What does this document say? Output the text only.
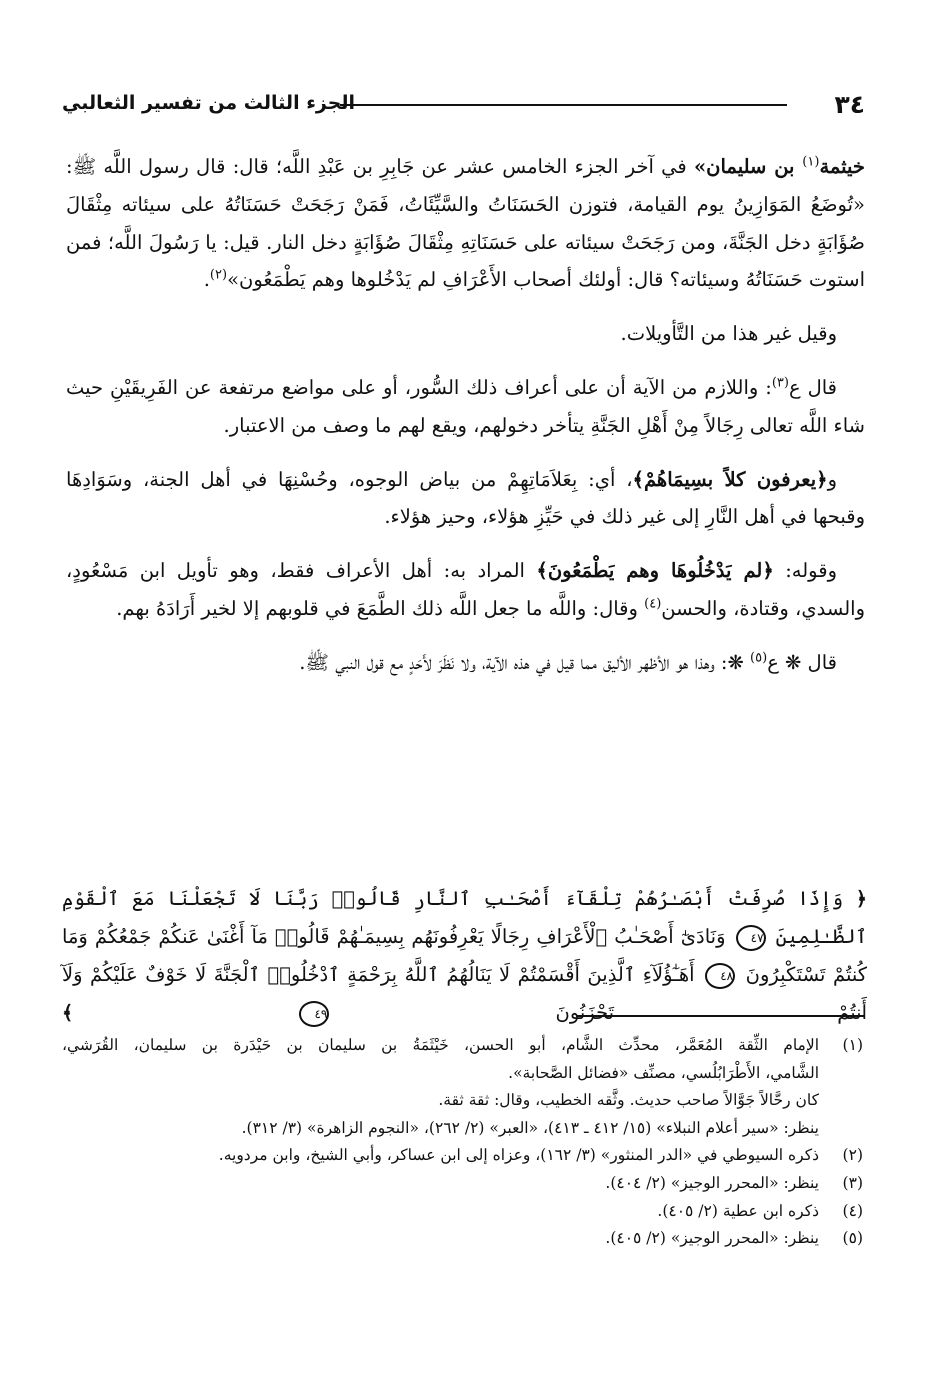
٣٤
الجزء الثالث من تفسير الثعالبي

خيثمة$^{(١)}$ بن سليمان» في آخر الجزء الخامس عشر عن جَابِرِ بن عَبْدِ اللَّه؛ قال: قال رسول اللَّه ﷺ: «تُوضَعُ المَوَازِينُ يوم القيامة، فتوزن الحَسَنَاتُ والسَّيِّئَاتُ، فَمَنْ رَجَحَتْ حَسَنَاتُهُ على سيئاته مِثْقَالَ صُؤَابَةٍ دخل الجَنَّةَ، ومن رَجَحَتْ سيئاته على حَسَنَاتِهِ مِثْقَالَ صُؤَابَةٍ دخل النار. قيل: يا رَسُولَ اللَّه؛ فمن استوت حَسَنَاتُهُ وسيئاته؟ قال: أولئك أصحاب الأَعْرَافِ لم يَدْخُلوها وهم يَطْمَعُون»$^{(٢)}$.

وقيل غير هذا من التَّأويلات.

قال ع$^{(٣)}$: واللازم من الآية أن على أعراف ذلك السُّور، أو على مواضع مرتفعة عن الفَرِيقَيْنِ حيث شاء اللَّه تعالى رِجَالاً مِنْ أَهْلِ الجَنَّةِ يتأخر دخولهم، ويقع لهم ما وصف من الاعتبار.

و﴿يعرفون كلاً بسِيمَاهُمْ﴾، أي: بِعَلاَمَاتِهِمْ من بياض الوجوه، وحُسْنِهَا في أهل الجنة، وسَوَادِهَا وقبحها في أهل النَّارِ إلى غير ذلك في حَيِّزِ هؤلاء، وحيز هؤلاء.

وقوله: ﴿لم يَدْخُلُوهَا وهم يَطْمَعُونَ﴾ المراد به: أهل الأعراف فقط، وهو تأويل ابن مَسْعُودٍ، والسدي، وقتادة، والحسن$^{(٤)}$ وقال: واللَّه ما جعل اللَّه ذلك الطَّمَعَ في قلوبهم إلا لخير أَرَادَهُ بهم.

قال ❋ ع$^{(٥)}$ ❋: وهذا هو الأظهر الأليق مما قيل في هذه الآية، ولا نَظَرَ لأَحَدٍ مع قول النبي ﷺ.

﴿ وَإِذَا صُرِفَتْ أَبْصَـٰرُهُمْ تِلْقَآءَ أَصْحَـٰبِ ٱلنَّارِ قَالُوا۟ رَبَّنَا لَا تَجْعَلْنَا مَعَ ٱلْقَوْمِ ٱلظَّـٰلِمِينَ ٤٧ وَنَادَىٰٓ أَصْحَـٰبُ ٱلْأَعْرَافِ رِجَالًا يَعْرِفُونَهُم بِسِيمَـٰهُمْ قَالُوا۟ مَآ أَغْنَىٰ عَنكُمْ جَمْعُكُمْ وَمَا كُنتُمْ تَسْتَكْبِرُونَ ٤٨ أَهَـٰٓؤُلَآءِ ٱلَّذِينَ أَقْسَمْتُمْ لَا يَنَالُهُمُ ٱللَّهُ بِرَحْمَةٍ ٱدْخُلُوا۟ ٱلْجَنَّةَ لَا خَوْفٌ عَلَيْكُمْ وَلَآ أَنتُمْ تَحْزَنُونَ ٤٩ ﴾
(١)
الإمام الثِّقة المُعَمَّر، محدِّث الشَّام، أبو الحسن، خَيْثَمَةُ بن سليمان بن حَيْدَرة بن سليمان، القُرَشي،
الشَّامي، الأَطْرَابُلُسي، مصنِّف «فضائل الصَّحابة».
كان رحَّالاً جَوَّالاً صاحب حديث. وثَّقه الخطيب، وقال: ثقة ثقة.
ينظر: «سير أعلام النبلاء» (١٥/ ٤١٢ ـ ٤١٣)، «العبر» (٢/ ٢٦٢)، «النجوم الزاهرة» (٣/ ٣١٢).
(٢)
ذكره السيوطي في «الدر المنثور» (٣/ ١٦٢)، وعزاه إلى ابن عساكر، وأبي الشيخ، وابن مردويه.
(٣)
ينظر: «المحرر الوجيز» (٢/ ٤٠٤).
(٤)
ذكره ابن عطية (٢/ ٤٠٥).
(٥)
ينظر: «المحرر الوجيز» (٢/ ٤٠٥).
